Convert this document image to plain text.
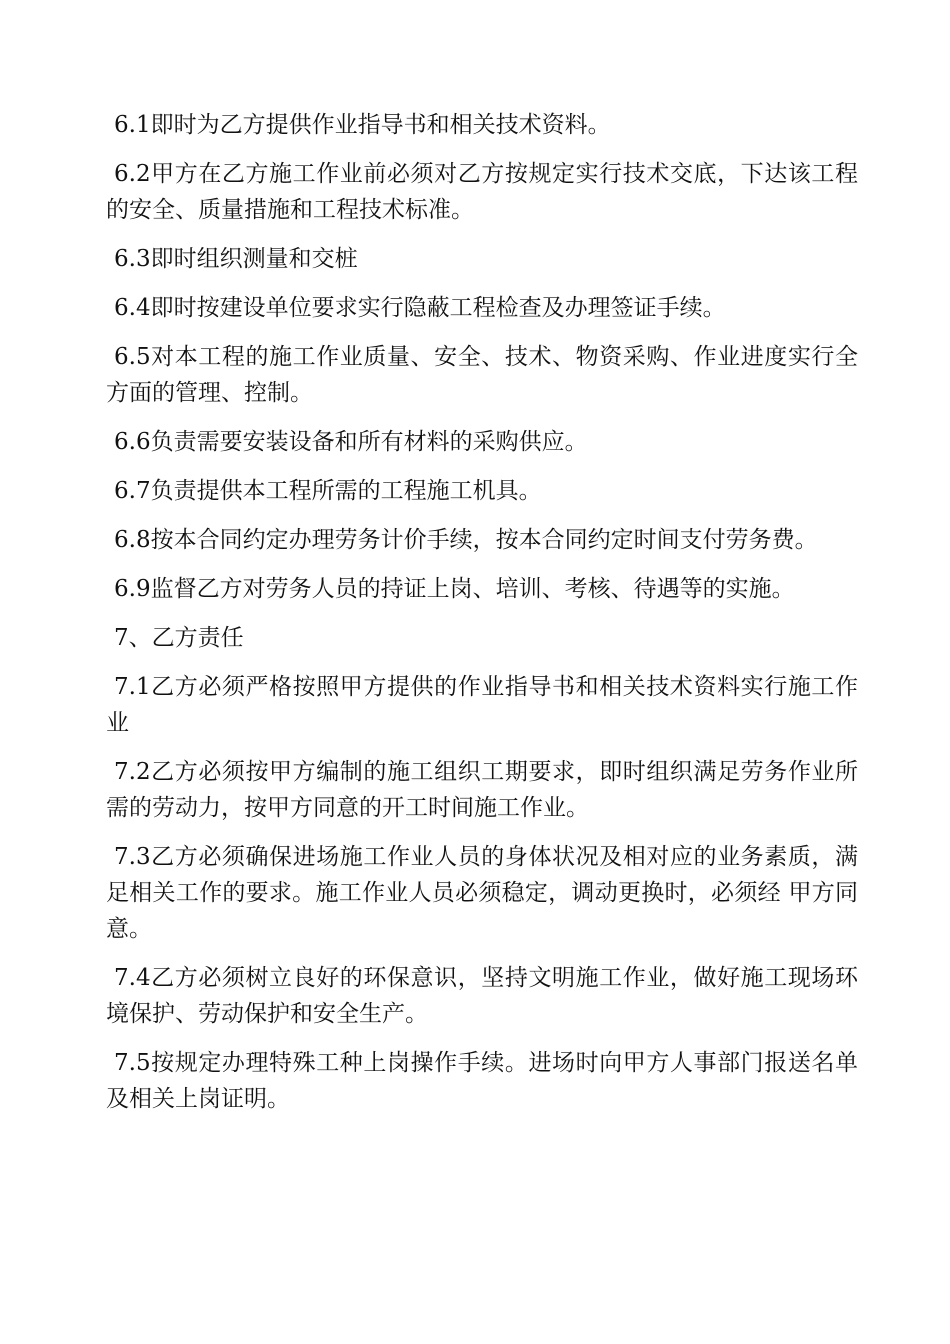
6.1即时为乙方提供作业指导书和相关技术资料。

6.2甲方在乙方施工作业前必须对乙方按规定实行技术交底，下达该工程的安全、质量措施和工程技术标准。

6.3即时组织测量和交桩

6.4即时按建设单位要求实行隐蔽工程检查及办理签证手续。

6.5对本工程的施工作业质量、安全、技术、物资采购、作业进度实行全方面的管理、控制。

6.6负责需要安装设备和所有材料的采购供应。

6.7负责提供本工程所需的工程施工机具。

6.8按本合同约定办理劳务计价手续，按本合同约定时间支付劳务费。

6.9监督乙方对劳务人员的持证上岗、培训、考核、待遇等的实施。

7、乙方责任

7.1乙方必须严格按照甲方提供的作业指导书和相关技术资料实行施工作业

7.2乙方必须按甲方编制的施工组织工期要求，即时组织满足劳务作业所需的劳动力，按甲方同意的开工时间施工作业。

7.3乙方必须确保进场施工作业人员的身体状况及相对应的业务素质，满足相关工作的要求。施工作业人员必须稳定，调动更换时，必须经 甲方同意。

7.4乙方必须树立良好的环保意识，坚持文明施工作业，做好施工现场环境保护、劳动保护和安全生产。

7.5按规定办理特殊工种上岗操作手续。进场时向甲方人事部门报送名单及相关上岗证明。
